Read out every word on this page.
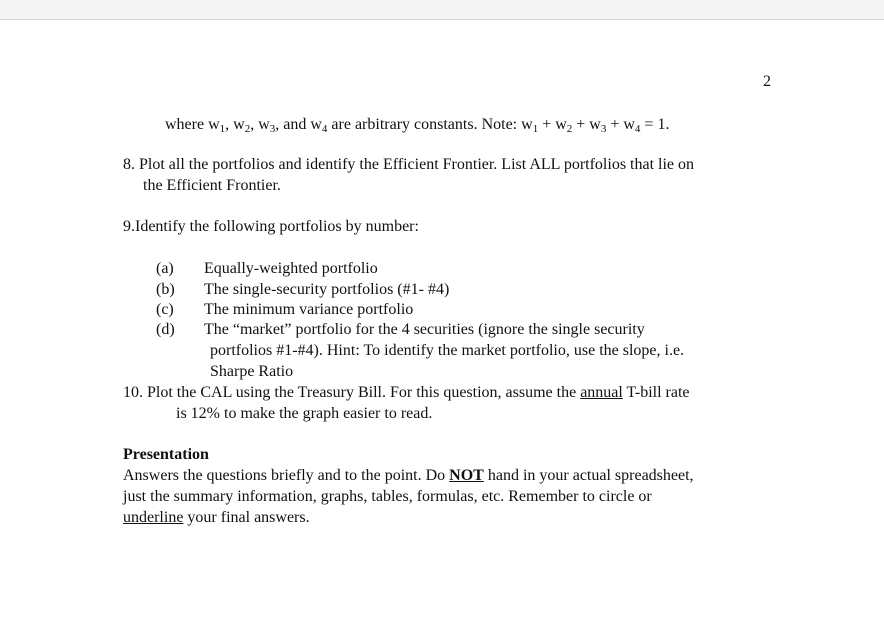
2
where $w_1$, $w_2$, $w_3$, and $w_4$ are arbitrary constants. Note: $w_1 + w_2 + w_3 + w_4 = 1$.
8. Plot all the portfolios and identify the Efficient Frontier. List ALL portfolios that lie on
the Efficient Frontier.
9.Identify the following portfolios by number:
(a) Equally-weighted portfolio
(b) The single-security portfolios (#1- #4)
(c) The minimum variance portfolio
(d) The “market” portfolio for the 4 securities (ignore the single security
portfolios #1-#4). Hint: To identify the market portfolio, use the slope, i.e.
Sharpe Ratio
10. Plot the CAL using the Treasury Bill. For this question, assume the annual T-bill rate
is 12% to make the graph easier to read.
Presentation
Answers the questions briefly and to the point. Do NOT hand in your actual spreadsheet,
just the summary information, graphs, tables, formulas, etc. Remember to circle or
underline your final answers.
